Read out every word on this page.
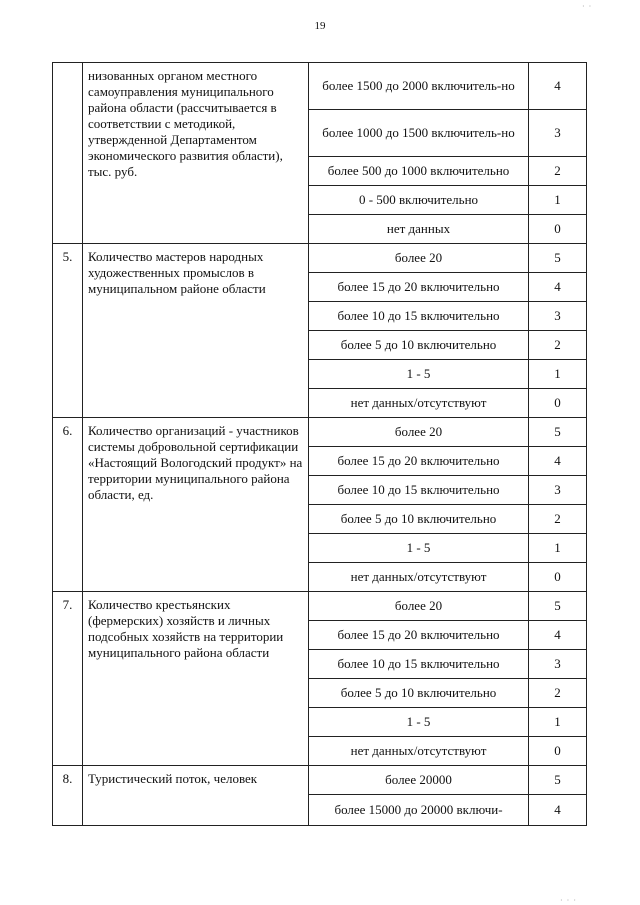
19
	низованных органом местного самоуправления муниципального района области (рассчитывается в соответствии с методикой, утвержденной Департаментом экономического развития области), тыс. руб.	более 1500 до 2000 включитель-но	4
		более 1000 до 1500 включитель-но	3
		более 500 до 1000 включительно	2
		0 - 500 включительно	1
		нет данных	0
5.	Количество мастеров народных художественных промыслов в муниципальном районе области	более 20	5
		более 15 до 20 включительно	4
		более 10 до 15 включительно	3
		более 5 до 10 включительно	2
		1 - 5	1
		нет данных/отсутствуют	0
6.	Количество организаций - участников системы добровольной сертификации «Настоящий Вологодский продукт» на территории муниципального района области, ед.	более 20	5
		более 15 до 20 включительно	4
		более 10 до 15 включительно	3
		более 5 до 10 включительно	2
		1 - 5	1
		нет данных/отсутствуют	0
7.	Количество крестьянских (фермерских) хозяйств и личных подсобных хозяйств на территории муниципального района области	более 20	5
		более 15 до 20 включительно	4
		более 10 до 15 включительно	3
		более 5 до 10 включительно	2
		1 - 5	1
		нет данных/отсутствуют	0
8.	Туристический поток, человек	более 20000	5
		более 15000 до 20000 включи-	4
· ·
· · ·
